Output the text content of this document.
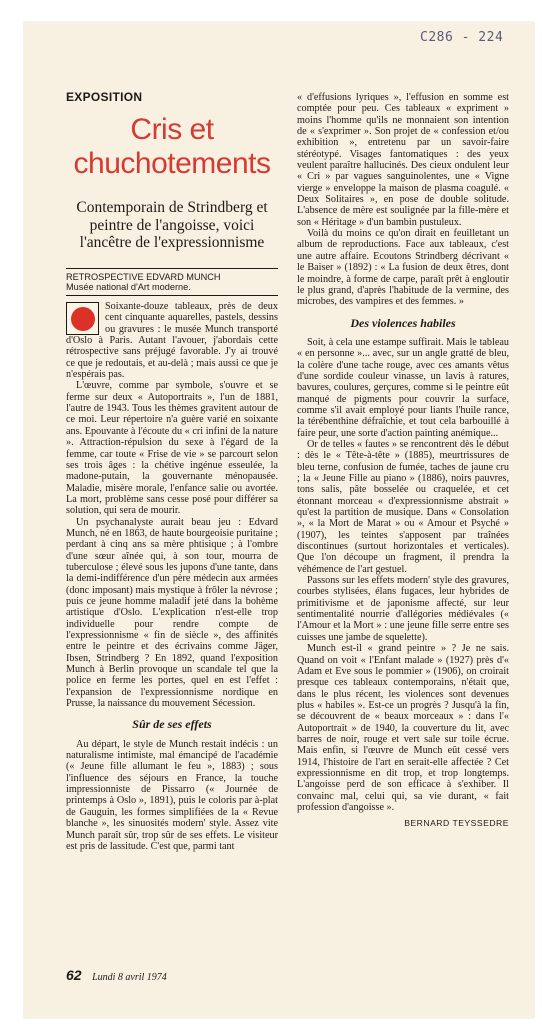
C286 - 224
EXPOSITION
Cris et
chuchotements
Contemporain de Strindberg et peintre de l'angoisse, voici l'ancêtre de l'expressionnisme
RETROSPECTIVE EDVARD MUNCH
Musée national d'Art moderne.

Soixante-douze tableaux, près de deux cent cinquante aquarelles, pastels, dessins ou gravures : le musée Munch transporté d'Oslo à Paris. Autant l'avouer, j'abordais cette rétrospective sans préjugé favorable. J'y ai trouvé ce que je redoutais, et au-delà ; mais aussi ce que je n'espérais pas.

L'œuvre, comme par symbole, s'ouvre et se ferme sur deux « Autoportraits », l'un de 1881, l'autre de 1943. Tous les thèmes gravitent autour de ce moi. Leur répertoire n'a guère varié en soixante ans. Epouvante à l'écoute du « cri infini de la nature ». Attraction-répulsion du sexe à l'égard de la femme, car toute « Frise de vie » se parcourt selon ses trois âges : la chétive ingénue esseulée, la madone-putain, la gouvernante ménopausée. Maladie, misère morale, l'enfance salie ou avortée. La mort, problème sans cesse posé pour différer sa solution, qui sera de mourir.

Un psychanalyste aurait beau jeu : Edvard Munch, né en 1863, de haute bourgeoisie puritaine ; perdant à cinq ans sa mère phtisique ; à l'ombre d'une sœur aînée qui, à son tour, mourra de tuberculose ; élevé sous les jupons d'une tante, dans la demi-indifférence d'un père médecin aux armées (donc imposant) mais mystique à frôler la névrose ; puis ce jeune homme maladif jeté dans la bohème artistique d'Oslo. L'explication n'est-elle trop individuelle pour rendre compte de l'expressionnisme « fin de siècle », des affinités entre le peintre et des écrivains comme Jäger, Ibsen, Strindberg ? En 1892, quand l'exposition Munch à Berlin provoque un scandale tel que la police en ferme les portes, quel en est l'effet : l'expansion de l'expressionnisme nordique en Prusse, la naissance du mouvement Sécession.

Sûr de ses effets

Au départ, le style de Munch restait indécis : un naturalisme intimiste, mal émancipé de l'académie (« Jeune fille allumant le feu », 1883) ; sous l'influence des séjours en France, la touche impressionniste de Pissarro (« Journée de printemps à Oslo », 1891), puis le coloris par à-plat de Gauguin, les formes simplifiées de la « Revue blanche », les sinuosités modern' style. Assez vite Munch paraît sûr, trop sûr de ses effets. Le visiteur est pris de lassitude. C'est que, parmi tant

« d'effusions lyriques », l'effusion en somme est comptée pour peu. Ces tableaux « expriment » moins l'homme qu'ils ne monnaient son intention de « s'exprimer ». Son projet de « confession et/ou exhibition », entretenu par un savoir-faire stéréotypé. Visages fantomatiques : des yeux veulent paraître hallucinés. Des cieux ondulent leur « Cri » par vagues sanguinolentes, une « Vigne vierge » enveloppe la maison de plasma coagulé. « Deux Solitaires », en pose de double solitude. L'absence de mère est soulignée par la fille-mère et son « Héritage » d'un bambin pustuleux.

Voilà du moins ce qu'on dirait en feuilletant un album de reproductions. Face aux tableaux, c'est une autre affaire. Ecoutons Strindberg décrivant « le Baiser » (1892) : « La fusion de deux êtres, dont le moindre, à forme de carpe, paraît prêt à engloutir le plus grand, d'après l'habitude de la vermine, des microbes, des vampires et des femmes. »

Des violences habiles

Soit, à cela une estampe suffirait. Mais le tableau « en personne »... avec, sur un angle gratté de bleu, la colère d'une tache rouge, avec ces amants vêtus d'une sordide couleur vinasse, un lavis à ratures, bavures, coulures, gerçures, comme si le peintre eût manqué de pigments pour couvrir la surface, comme s'il avait employé pour liants l'huile rance, la térébenthine défraîchie, et tout cela barbouillé à faire peur, une sorte d'action painting anémique...

Or de telles « fautes » se rencontrent dès le début : dès le « Tête-à-tête » (1885), meurtrissures de bleu terne, confusion de fumée, taches de jaune cru ; la « Jeune Fille au piano » (1886), noirs pauvres, tons salis, pâte bosselée ou craquelée, et cet étonnant morceau « d'expressionnisme abstrait » qu'est la partition de musique. Dans « Consolation », « la Mort de Marat » ou « Amour et Psyché » (1907), les teintes s'apposent par traînées discontinues (surtout horizontales et verticales). Que l'on découpe un fragment, il prendra la véhémence de l'art gestuel.

Passons sur les effets modern' style des gravures, courbes stylisées, élans fugaces, leur hybrides de primitivisme et de japonisme affecté, sur leur sentimentalité nourrie d'allégories médiévales (« l'Amour et la Mort » : une jeune fille serre entre ses cuisses une jambe de squelette).

Munch est-il « grand peintre » ? Je ne sais. Quand on voit « l'Enfant malade » (1927) près d'« Adam et Eve sous le pommier » (1906), on croirait presque ces tableaux contemporains, n'était que, dans le plus récent, les violences sont devenues plus « habiles ». Est-ce un progrès ? Jusqu'à la fin, se découvrent de « beaux morceaux » : dans l'« Autoportrait » de 1940, la couverture du lit, avec barres de noir, rouge et vert sale sur toile écrue. Mais enfin, si l'œuvre de Munch eût cessé vers 1914, l'histoire de l'art en serait-elle affectée ? Cet expressionnisme en dit trop, et trop longtemps. L'angoisse perd de son efficace à s'exhiber. Il convainc mal, celui qui, sa vie durant, « fait profession d'angoisse ».

BERNARD TEYSSEDRE
62 Lundi 8 avril 1974
